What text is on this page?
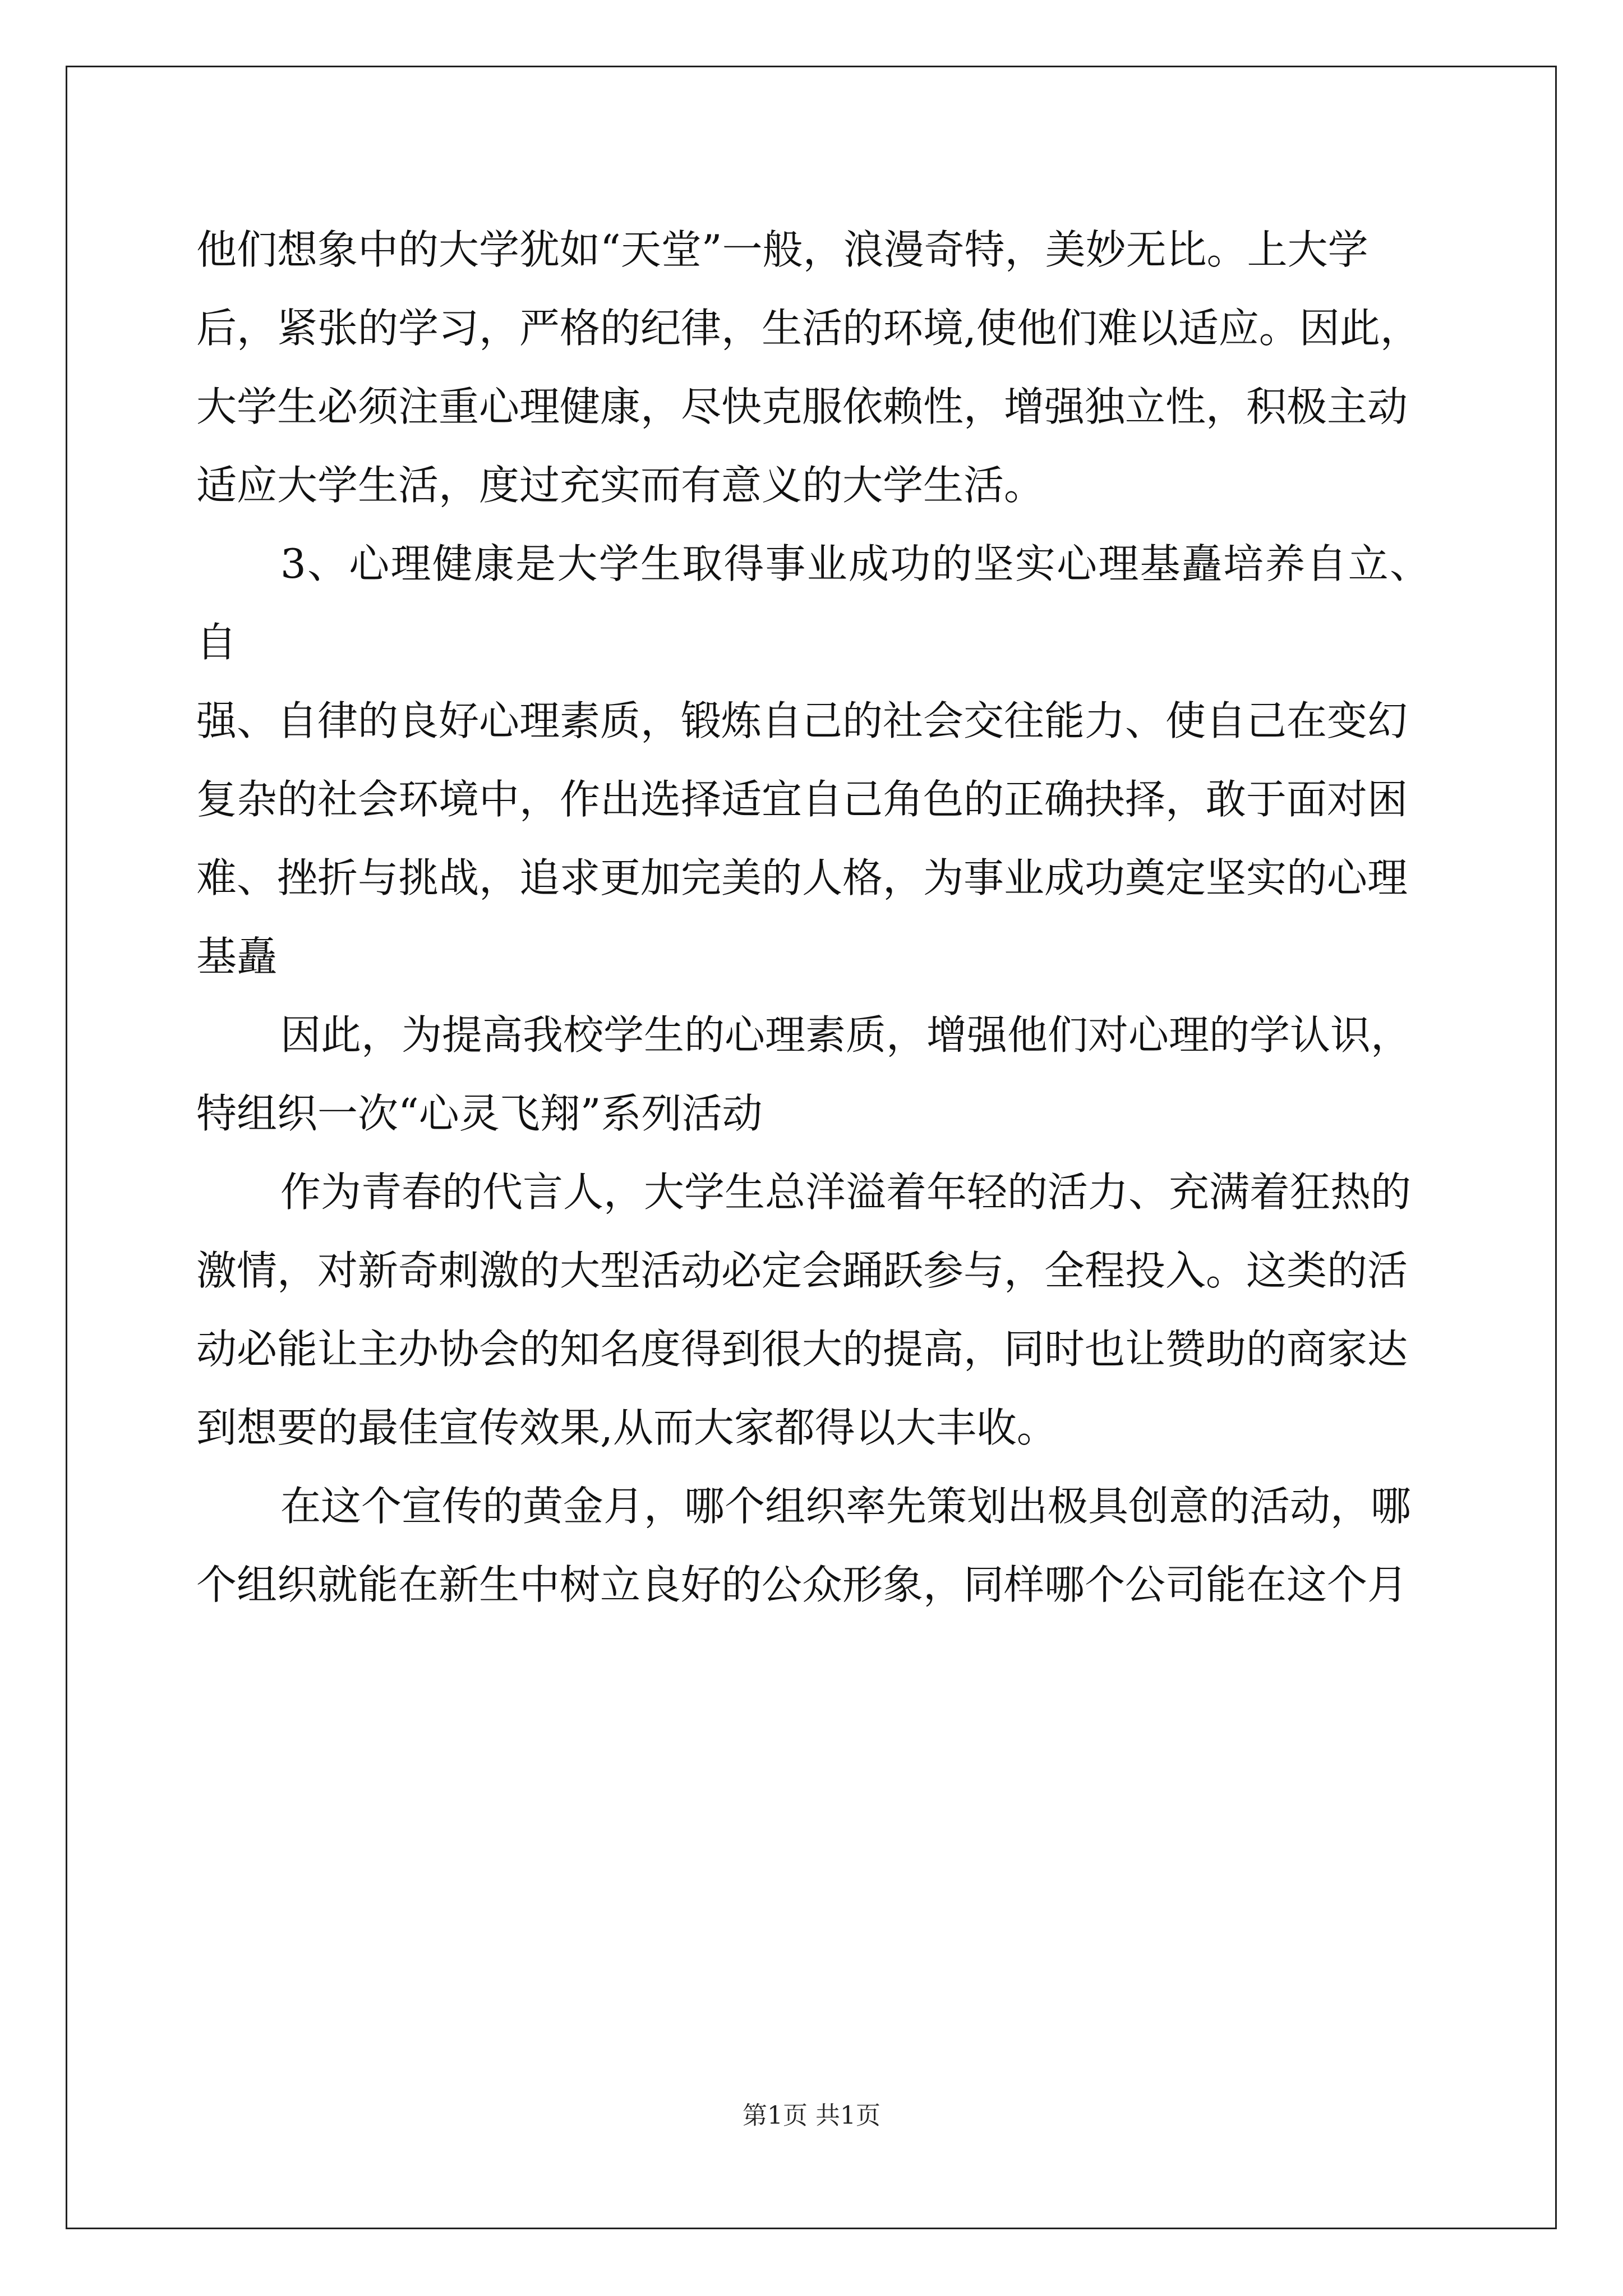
他们想象中的大学犹如“天堂”一般，浪漫奇特，美妙无比。上大学
后，紧张的学习，严格的纪律，生活的环境,使他们难以适应。因此，
大学生必须注重心理健康，尽快克服依赖性，增强独立性，积极主动
适应大学生活，度过充实而有意义的大学生活。

3、心理健康是大学生取得事业成功的坚实心理基矗培养自立、自
强、自律的良好心理素质，锻炼自己的社会交往能力、使自己在变幻
复杂的社会环境中，作出选择适宜自己角色的正确抉择，敢于面对困
难、挫折与挑战，追求更加完美的人格，为事业成功奠定坚实的心理
基矗

因此，为提高我校学生的心理素质，增强他们对心理的学认识，
特组织一次“心灵飞翔”系列活动

作为青春的代言人，大学生总洋溢着年轻的活力、充满着狂热的
激情，对新奇刺激的大型活动必定会踊跃参与，全程投入。这类的活
动必能让主办协会的知名度得到很大的提高，同时也让赞助的商家达
到想要的最佳宣传效果,从而大家都得以大丰收。

在这个宣传的黄金月，哪个组织率先策划出极具创意的活动，哪
个组织就能在新生中树立良好的公众形象，同样哪个公司能在这个月

第1页 共1页
